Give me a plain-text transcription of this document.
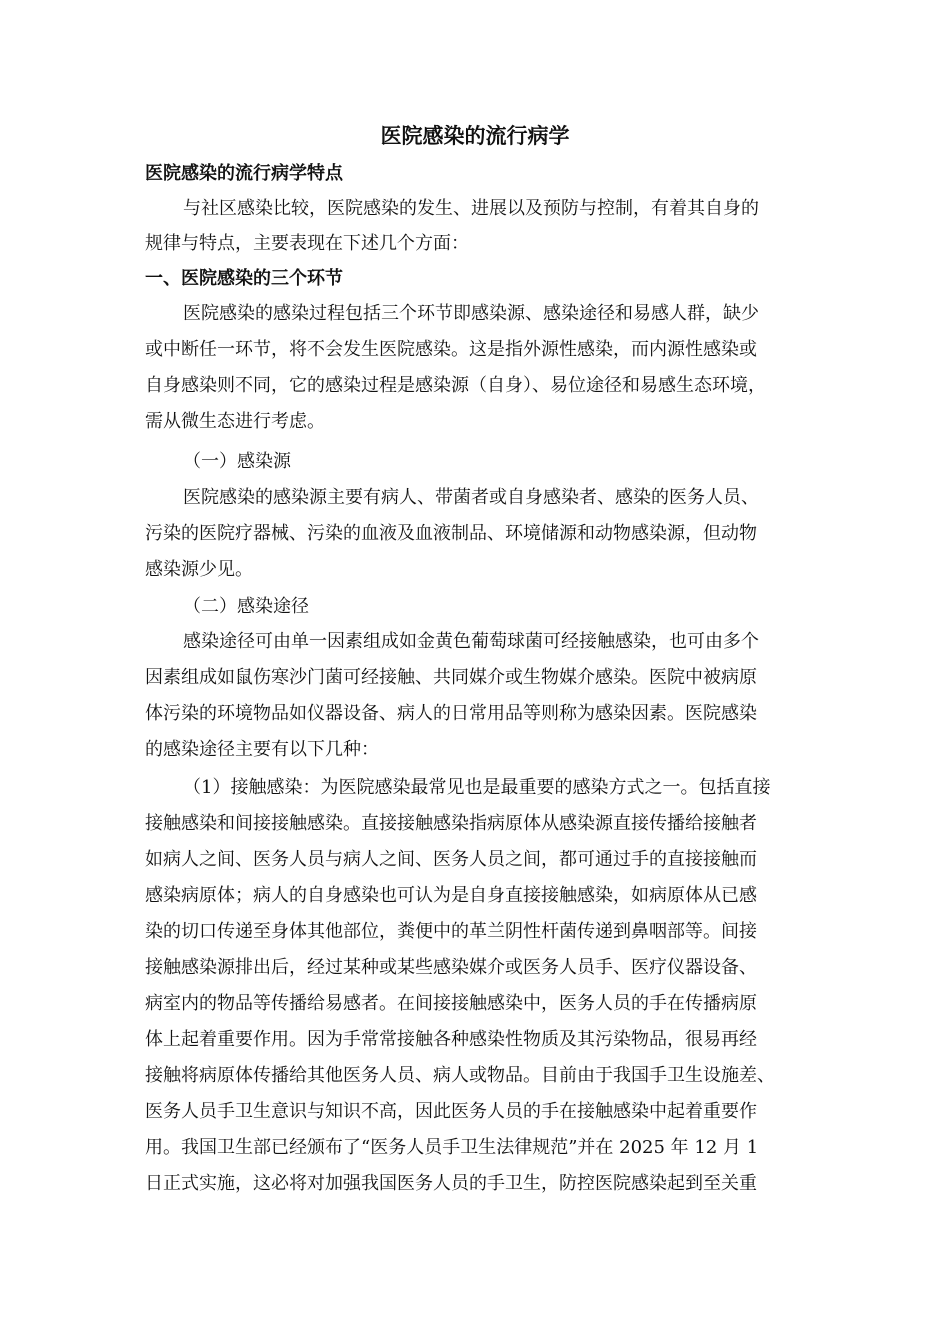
医院感染的流行病学
医院感染的流行病学特点
与社区感染比较，医院感染的发生、进展以及预防与控制，有着其自身的
规律与特点，主要表现在下述几个方面：
一、医院感染的三个环节
医院感染的感染过程包括三个环节即感染源、感染途径和易感人群，缺少
或中断任一环节，将不会发生医院感染。这是指外源性感染，而内源性感染或
自身感染则不同，它的感染过程是感染源（自身）、易位途径和易感生态环境，
需从微生态进行考虑。
（一）感染源
医院感染的感染源主要有病人、带菌者或自身感染者、感染的医务人员、
污染的医院疗器械、污染的血液及血液制品、环境储源和动物感染源，但动物
感染源少见。
（二）感染途径
感染途径可由单一因素组成如金黄色葡萄球菌可经接触感染，也可由多个
因素组成如鼠伤寒沙门菌可经接触、共同媒介或生物媒介感染。医院中被病原
体污染的环境物品如仪器设备、病人的日常用品等则称为感染因素。医院感染
的感染途径主要有以下几种：
（1）接触感染：为医院感染最常见也是最重要的感染方式之一。包括直接
接触感染和间接接触感染。直接接触感染指病原体从感染源直接传播给接触者
如病人之间、医务人员与病人之间、医务人员之间，都可通过手的直接接触而
感染病原体；病人的自身感染也可认为是自身直接接触感染，如病原体从已感
染的切口传递至身体其他部位，粪便中的革兰阴性杆菌传递到鼻咽部等。间接
接触感染源排出后，经过某种或某些感染媒介或医务人员手、医疗仪器设备、
病室内的物品等传播给易感者。在间接接触感染中，医务人员的手在传播病原
体上起着重要作用。因为手常常接触各种感染性物质及其污染物品，很易再经
接触将病原体传播给其他医务人员、病人或物品。目前由于我国手卫生设施差、
医务人员手卫生意识与知识不高，因此医务人员的手在接触感染中起着重要作
用。我国卫生部已经颁布了“医务人员手卫生法律规范”并在 2025 年 12 月 1
日正式实施，这必将对加强我国医务人员的手卫生，防控医院感染起到至关重
